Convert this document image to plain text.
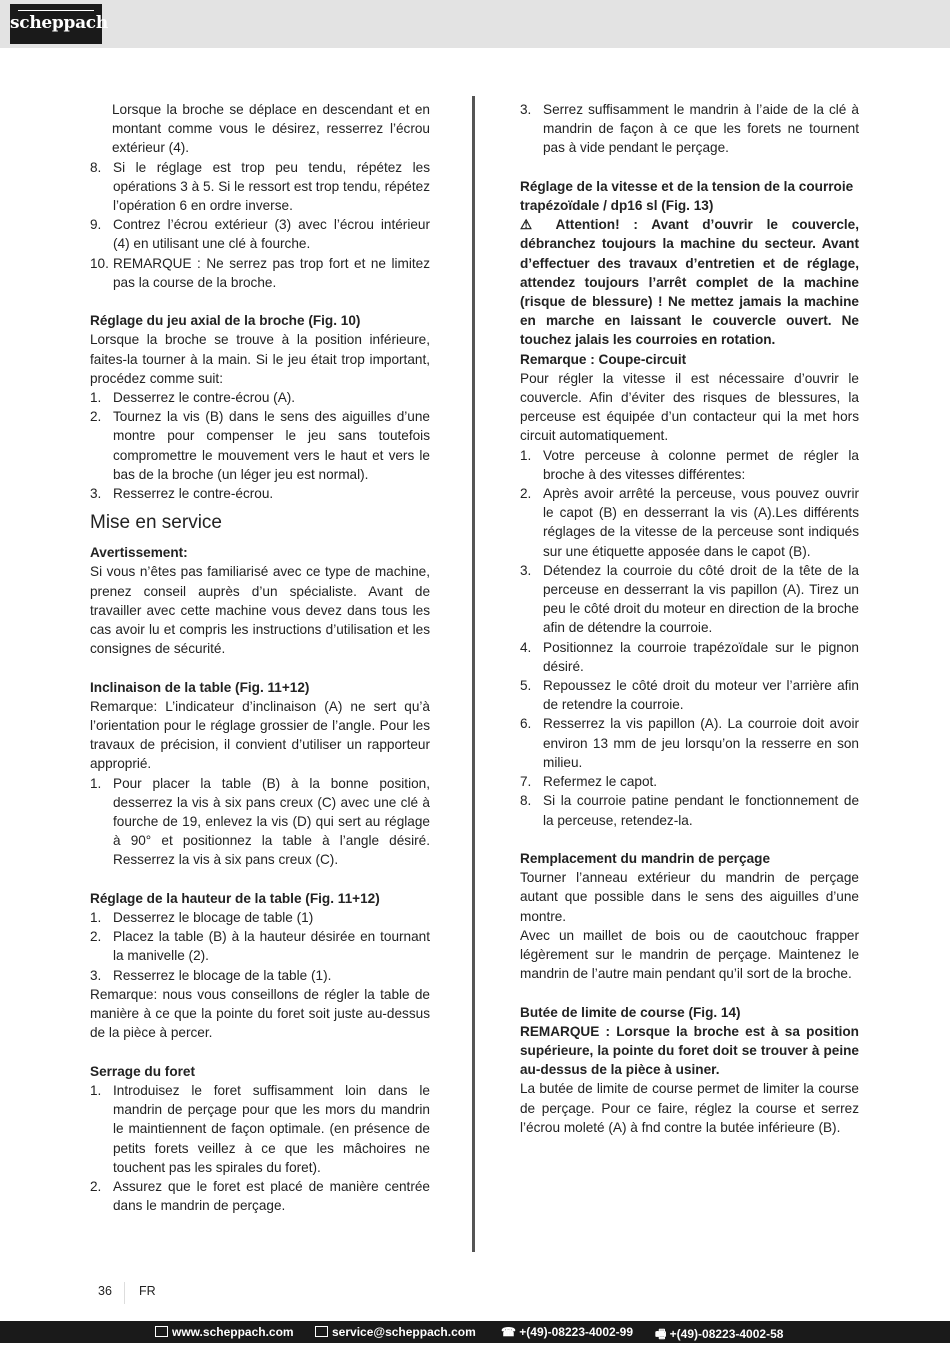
scheppach

Lorsque la broche se déplace en descendant et en montant comme vous le désirez, resserrez l’écrou extérieur (4).

8. Si le réglage est trop peu tendu, répétez les opérations 3 à 5. Si le ressort est trop tendu, répétez l’opération 6 en ordre inverse.
9. Contrez l’écrou extérieur (3) avec l’écrou intérieur (4) en utilisant une clé à fourche.
10. REMARQUE : Ne serrez pas trop fort et ne limitez pas la course de la broche.
Réglage du jeu axial de la broche (Fig. 10)

Lorsque la broche se trouve à la position inférieure, faites-la tourner à la main. Si le jeu était trop important, procédez comme suit:

1. Desserrez le contre-écrou (A).
2. Tournez la vis (B) dans le sens des aiguilles d’une montre pour compenser le jeu sans toutefois compromettre le mouvement vers le haut et vers le bas de la broche (un léger jeu est normal).
3. Resserrez le contre-écrou.
Mise en service
Avertissement:

Si vous n’êtes pas familiarisé avec ce type de machine, prenez conseil auprès d’un spécialiste. Avant de travailler avec cette machine vous devez dans tous les cas avoir lu et compris les instructions d’utilisation et les consignes de sécurité.

Inclinaison de la table (Fig. 11+12)

Remarque: L’indicateur d’inclinaison (A) ne sert qu’à l’orientation pour le réglage grossier de l’angle. Pour les travaux de précision, il convient d’utiliser un rapporteur approprié.

1. Pour placer la table (B) à la bonne position, desserrez la vis à six pans creux (C) avec une clé à fourche de 19, enlevez la vis (D) qui sert au réglage à 90° et positionnez la table à l’angle désiré. Resserrez la vis à six pans creux (C).
Réglage de la hauteur de la table (Fig. 11+12)
1. Desserrez le blocage de table (1)
2. Placez la table (B) à la hauteur désirée en tournant la manivelle (2).
3. Resserrez le blocage de la table (1).

Remarque: nous vous conseillons de régler la table de manière à ce que la pointe du foret soit juste au-dessus de la pièce à percer.

Serrage du foret
1. Introduisez le foret suffisamment loin dans le mandrin de perçage pour que les mors du mandrin le maintiennent de façon optimale. (en présence de petits forets veillez à ce que les mâchoires ne touchent pas les spirales du foret).
2. Assurez que le foret est placé de manière centrée dans le mandrin de perçage.
3. Serrez suffisamment le mandrin à l’aide de la clé à mandrin de façon à ce que les forets ne tournent pas à vide pendant le perçage.
Réglage de la vitesse et de la tension de la courroie trapézoïdale / dp16 sl (Fig. 13)

⚠ Attention! : Avant d’ouvrir le couvercle, débranchez toujours la machine du secteur. Avant d’effectuer des travaux d’entretien et de réglage, attendez toujours l’arrêt complet de la machine (risque de blessure) ! Ne mettez jamais la machine en marche en laissant le couvercle ouvert. Ne touchez jalais les courroies en rotation.

Remarque : Coupe-circuit

Pour régler la vitesse il est nécessaire d’ouvrir le couvercle. Afin d’éviter des risques de blessures, la perceuse est équipée d’un contacteur qui la met hors circuit automatiquement.

1. Votre perceuse à colonne permet de régler la broche à des vitesses différentes:
2. Après avoir arrêté la perceuse, vous pouvez ouvrir le capot (B) en desserrant la vis (A).Les différents réglages de la vitesse de la perceuse sont indiqués sur une étiquette apposée dans le capot (B).
3. Détendez la courroie du côté droit de la tête de la perceuse en desserrant la vis papillon (A). Tirez un peu le côté droit du moteur en direction de la broche afin de détendre la courroie.
4. Positionnez la courroie trapézoïdale sur le pignon désiré.
5. Repoussez le côté droit du moteur ver l’arrière afin de retendre la courroie.
6. Resserrez la vis papillon (A). La courroie doit avoir environ 13 mm de jeu lorsqu’on la resserre en son milieu.
7. Refermez le capot.
8. Si la courroie patine pendant le fonctionnement de la perceuse, retendez-la.
Remplacement du mandrin de perçage

Tourner l’anneau extérieur du mandrin de perçage autant que possible dans le sens des aiguilles d’une montre.

Avec un maillet de bois ou de caoutchouc frapper légèrement sur le mandrin de perçage. Maintenez le mandrin de l’autre main pendant qu’il sort de la broche.

Butée de limite de course (Fig. 14)

REMARQUE : Lorsque la broche est à sa position supérieure, la pointe du foret doit se trouver à peine au-dessus de la pièce à usiner.

La butée de limite de course permet de limiter la course de perçage. Pour ce faire, réglez la course et serrez l’écrou moleté (A) à fnd contre la butée inférieure (B).

36 FR
www.scheppach.com	service@scheppach.com ☎ +(49)-08223-4002-99 🖷 +(49)-08223-4002-58
